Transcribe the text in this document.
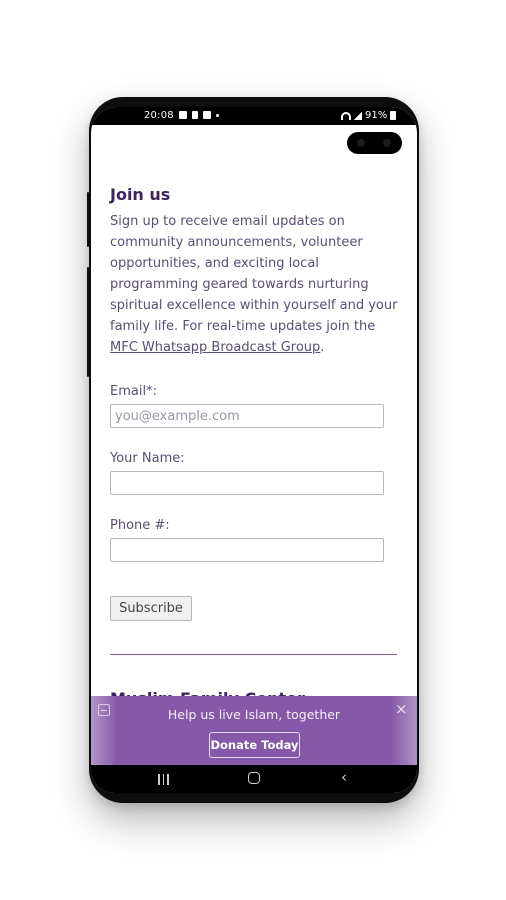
20:08	91%
Join us

Sign up to receive email updates on community announcements, volunteer opportunities, and exciting local programming geared towards nurturing spiritual excellence within yourself and your family life. For real-time updates join the MFC Whatsapp Broadcast Group.

Email*:
you@example.com
Your Name:
Phone #:
Subscribe
Help us live Islam, together	×
Donate Today
‹
